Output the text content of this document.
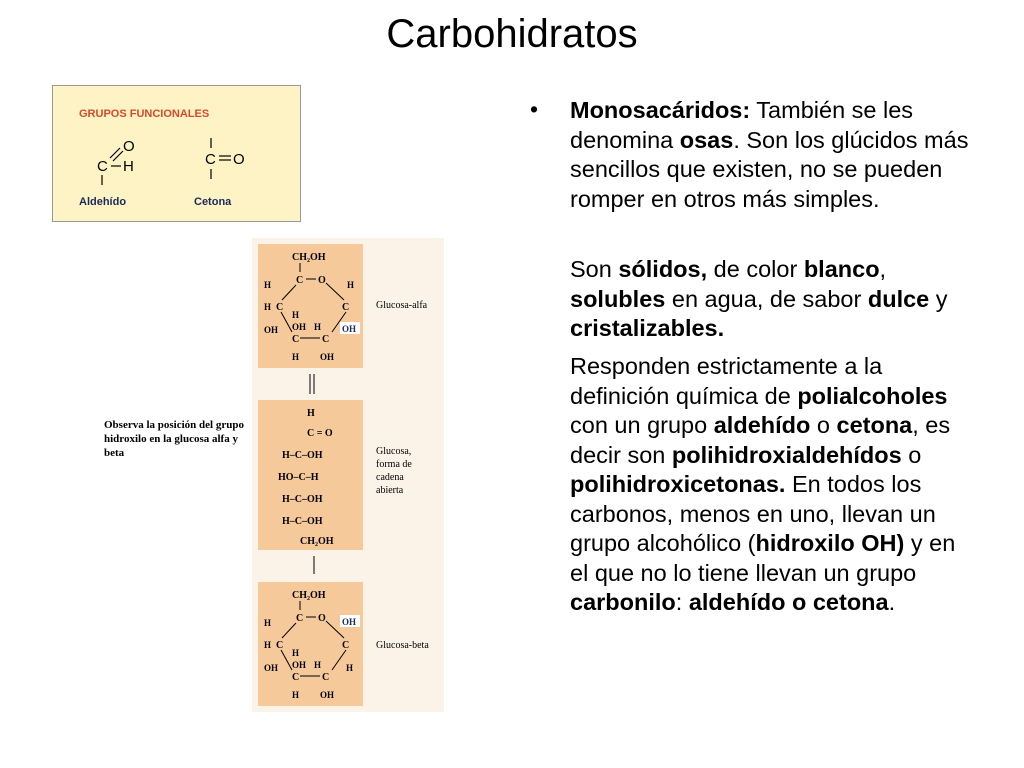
Carbohidratos
GRUPOS FUNCIONALES
O
C H
Aldehído
C O
Cetona
CH₂OH
C O
C	C
H
H
H
OH
H
C C
OH	H OH
H OH
Glucosa-alfa
H
C = O
H–C–OH
HO–C–H
H–C–OH
H–C–OH
CH₂OH
Glucosa,
forma de
cadena
abierta
CH₂OH
C O
C	C
H
H
H
OH
OH
C C
OH	H	H
H OH
Glucosa-beta
Observa la posición del grupo hidroxilo en la glucosa alfa y beta
• Monosacáridos: También se les denomina osas. Son los glúcidos más sencillos que existen, no se pueden romper en otros más simples.
Son sólidos, de color blanco, solubles en agua, de sabor dulce y cristalizables.
Responden estrictamente a la definición química de polialcoholes con un grupo aldehído o cetona, es decir son polihidroxialdehídos o polihidroxicetonas. En todos los carbonos, menos en uno, llevan un grupo alcohólico (hidroxilo OH) y en el que no lo tiene llevan un grupo carbonilo: aldehído o cetona.
